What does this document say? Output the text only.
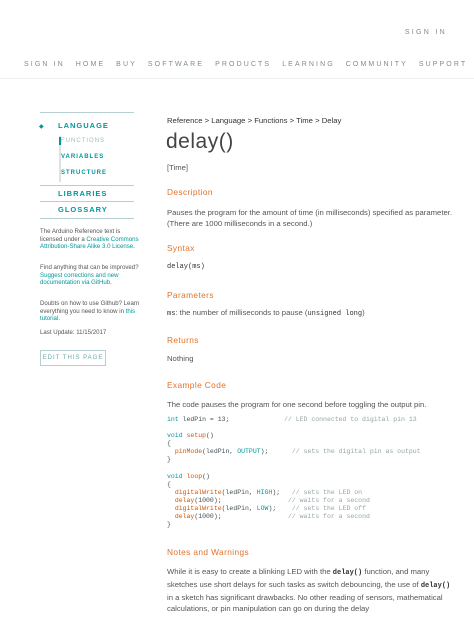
SIGN IN
SIGN IN HOME BUY SOFTWARE PRODUCTS LEARNING COMMUNITY SUPPORT
◆ LANGUAGE
FUNCTIONS
VARIABLES
STRUCTURE
LIBRARIES
GLOSSARY
The Arduino Reference text is licensed under a Creative Commons Attribution-Share Alike 3.0 License.
Find anything that can be improved? Suggest corrections and new documentation via GitHub.
Doubts on how to use Github? Learn everything you need to know in this tutorial.
Last Update: 11/15/2017
EDIT THIS PAGE
Reference > Language > Functions > Time > Delay
delay()
[Time]
Description
Pauses the program for the amount of time (in milliseconds) specified as parameter. (There are 1000 milliseconds in a second.)
Syntax
delay(ms)
Parameters
ms: the number of milliseconds to pause (unsigned long)
Returns
Nothing
Example Code
The code pauses the program for one second before toggling the output pin.
int ledPin = 13;	// LED connected to digital pin 13

void setup()
{
pinMode(ledPin, OUTPUT);	// sets the digital pin as output
}

void loop()
{
digitalWrite(ledPin, HIGH); // sets the LED on
delay(1000);	// waits for a second
digitalWrite(ledPin, LOW); // sets the LED off
delay(1000);	// waits for a second
}
Notes and Warnings
While it is easy to create a blinking LED with the delay() function, and many sketches use short delays for such tasks as switch debouncing, the use of delay() in a sketch has significant drawbacks. No other reading of sensors, mathematical calculations, or pin manipulation can go on during the delay
